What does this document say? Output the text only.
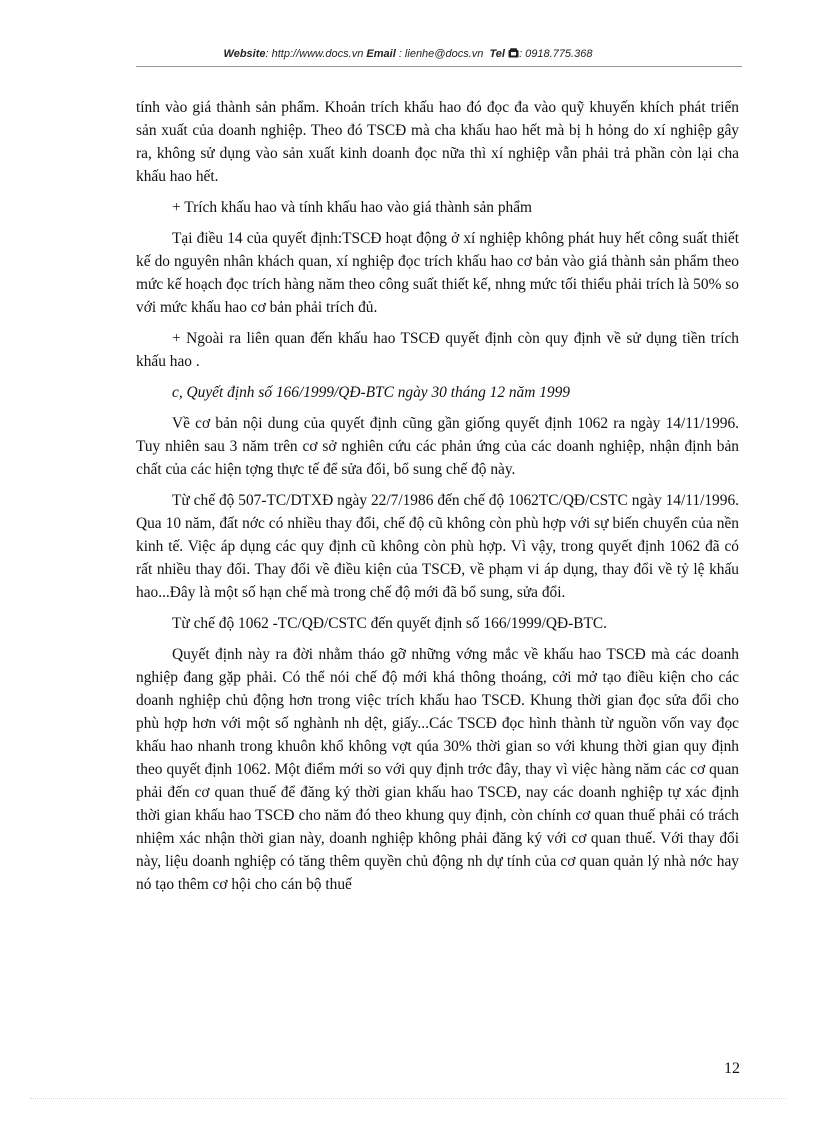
Website: http://www.docs.vn Email : lienhe@docs.vn Tel : 0918.775.368

tính vào giá thành sản phẩm. Khoản trích khấu hao đó đọc đa vào quỹ khuyến khích phát triển sản xuất của doanh nghiệp. Theo đó TSCĐ mà cha khấu hao hết mà bị h hỏng do xí nghiệp gây ra, không sử dụng vào sản xuất kinh doanh đọc nữa thì xí nghiệp vẫn phải trả phần còn lại cha khấu hao hết.

+ Trích khấu hao và tính khấu hao vào giá thành sản phẩm

Tại điều 14 của quyết định:TSCĐ hoạt động ở xí nghiệp không phát huy hết công suất thiết kế do nguyên nhân khách quan, xí nghiệp đọc trích khấu hao cơ bản vào giá thành sản phẩm theo mức kế hoạch đọc trích hàng năm theo công suất thiết kế, nhng mức tối thiểu phải trích là 50% so với mức khấu hao cơ bản phải trích đủ.

+ Ngoài ra liên quan đến khấu hao TSCĐ quyết định còn quy định về sử dụng tiền trích khấu hao .

c, Quyết định số 166/1999/QĐ-BTC ngày 30 tháng 12 năm 1999

Về cơ bản nội dung của quyết định cũng gần giống quyết định 1062 ra ngày 14/11/1996. Tuy nhiên sau 3 năm trên cơ sở nghiên cứu các phản ứng của các doanh nghiệp, nhận định bản chất của các hiện tợng thực tế để sửa đổi, bổ sung chế độ này.

Từ chế độ 507-TC/DTXĐ ngày 22/7/1986 đến chế độ 1062TC/QĐ/CSTC ngày 14/11/1996. Qua 10 năm, đất nớc có nhiều thay đổi, chế độ cũ không còn phù hợp với sự biến chuyển của nền kinh tế. Việc áp dụng các quy định cũ không còn phù hợp. Vì vậy, trong quyết định 1062 đã có rất nhiều thay đổi. Thay đổi về điều kiện của TSCĐ, về phạm vi áp dụng, thay đổi về tỷ lệ khấu hao...Đây là một số hạn chế mà trong chế độ mới đã bổ sung, sửa đổi.

Từ chế độ 1062 -TC/QĐ/CSTC đến quyết định số 166/1999/QĐ-BTC.

Quyết định này ra đời nhằm tháo gỡ những vớng mắc về khấu hao TSCĐ mà các doanh nghiệp đang gặp phải. Có thể nói chế độ mới khá thông thoáng, cởi mở tạo điều kiện cho các doanh nghiệp chủ động hơn trong việc trích khấu hao TSCĐ. Khung thời gian đọc sửa đổi cho phù hợp hơn với một số nghành nh dệt, giấy...Các TSCĐ đọc hình thành từ nguồn vốn vay đọc khấu hao nhanh trong khuôn khổ không vợt qúa 30% thời gian so với khung thời gian quy định theo quyết định 1062. Một điểm mới so với quy định trớc đây, thay vì việc hàng năm các cơ quan phải đến cơ quan thuế để đăng ký thời gian khấu hao TSCĐ, nay các doanh nghiệp tự xác định thời gian khấu hao TSCĐ cho năm đó theo khung quy định, còn chính cơ quan thuế phải có trách nhiệm xác nhận thời gian này, doanh nghiệp không phải đăng ký với cơ quan thuế. Với thay đổi này, liệu doanh nghiệp có tăng thêm quyền chủ động nh dự tính của cơ quan quản lý nhà nớc hay nó tạo thêm cơ hội cho cán bộ thuế

12
